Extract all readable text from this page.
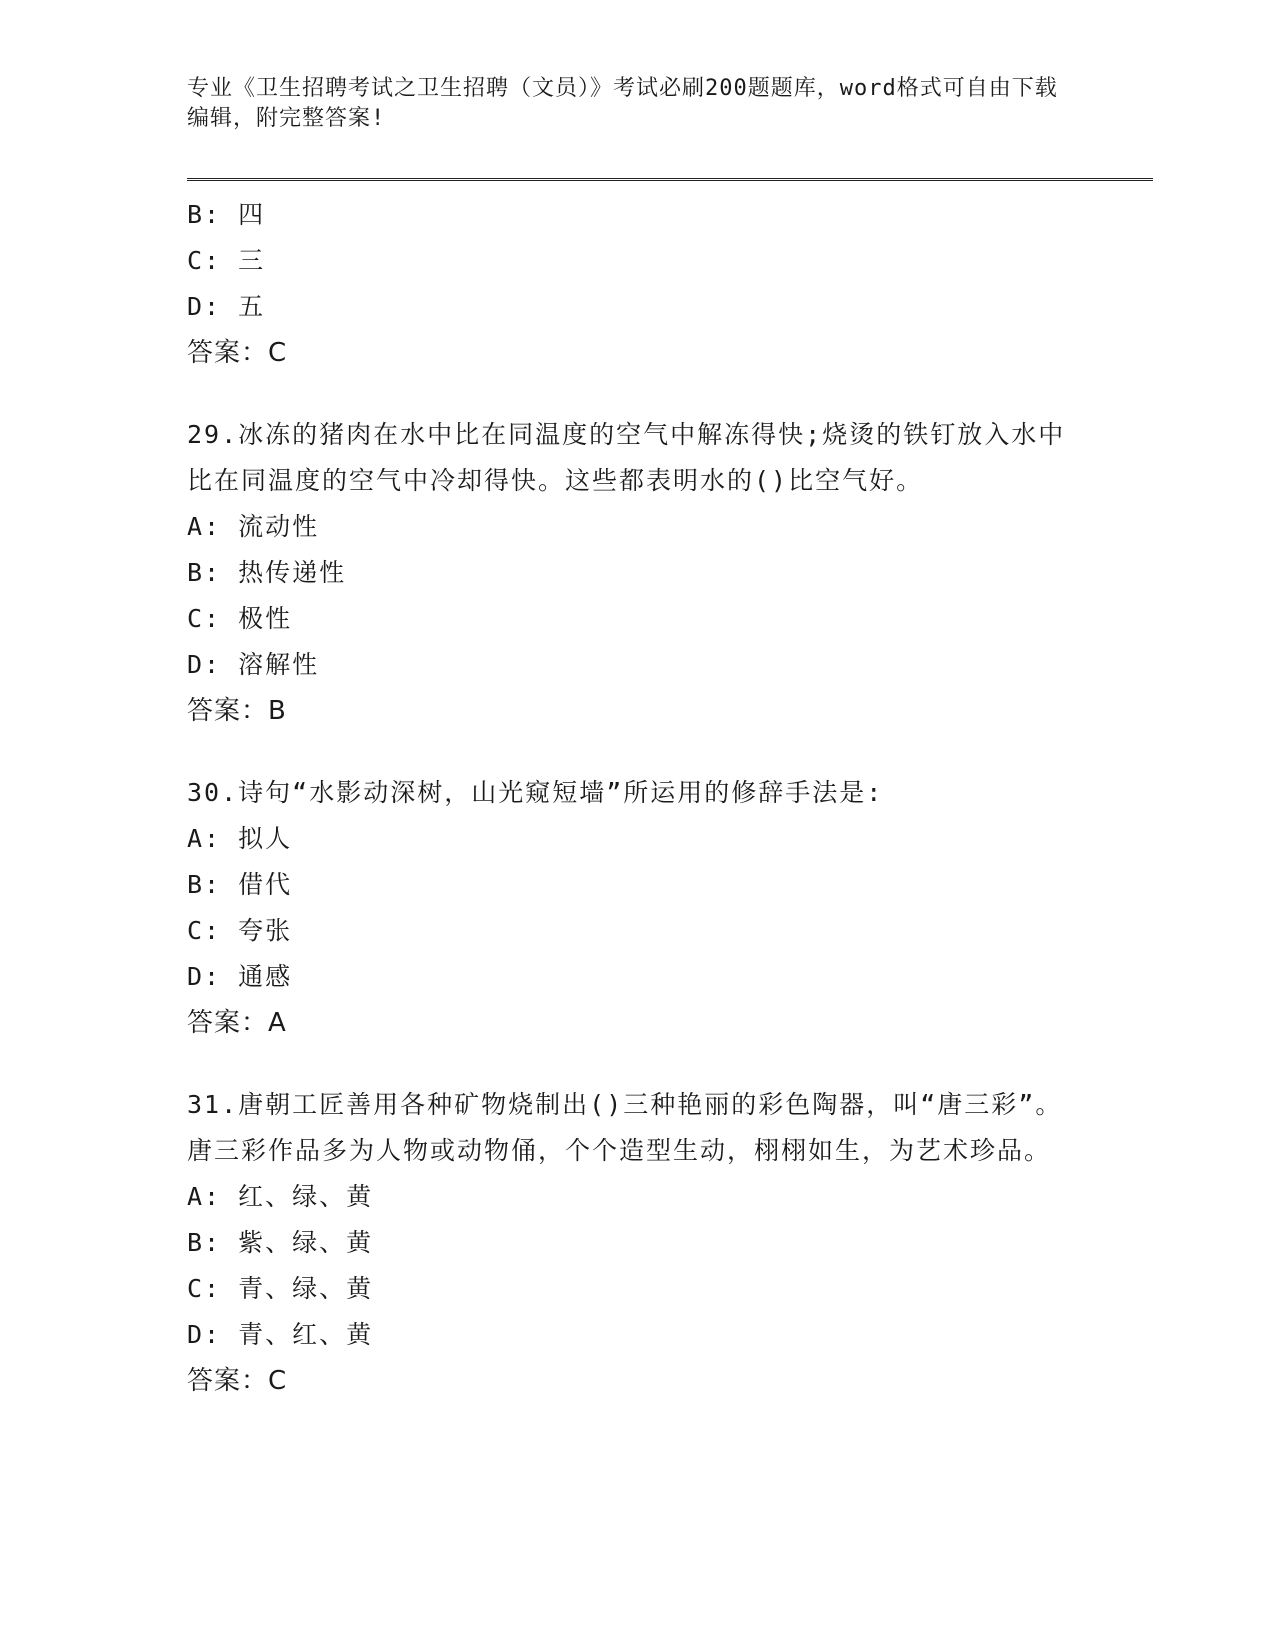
专业《卫生招聘考试之卫生招聘（文员）》考试必刷200题题库，word格式可自由下载编辑，附完整答案!
B: 四
C: 三
D: 五
答案：C
29.冰冻的猪肉在水中比在同温度的空气中解冻得快;烧烫的铁钉放入水中比在同温度的空气中冷却得快。这些都表明水的()比空气好。
A: 流动性
B: 热传递性
C: 极性
D: 溶解性
答案：B
30.诗句“水影动深树，山光窥短墙”所运用的修辞手法是:
A: 拟人
B: 借代
C: 夸张
D: 通感
答案：A
31.唐朝工匠善用各种矿物烧制出()三种艳丽的彩色陶器，叫“唐三彩”。唐三彩作品多为人物或动物俑，个个造型生动，栩栩如生，为艺术珍品。
A: 红、绿、黄
B: 紫、绿、黄
C: 青、绿、黄
D: 青、红、黄
答案：C
